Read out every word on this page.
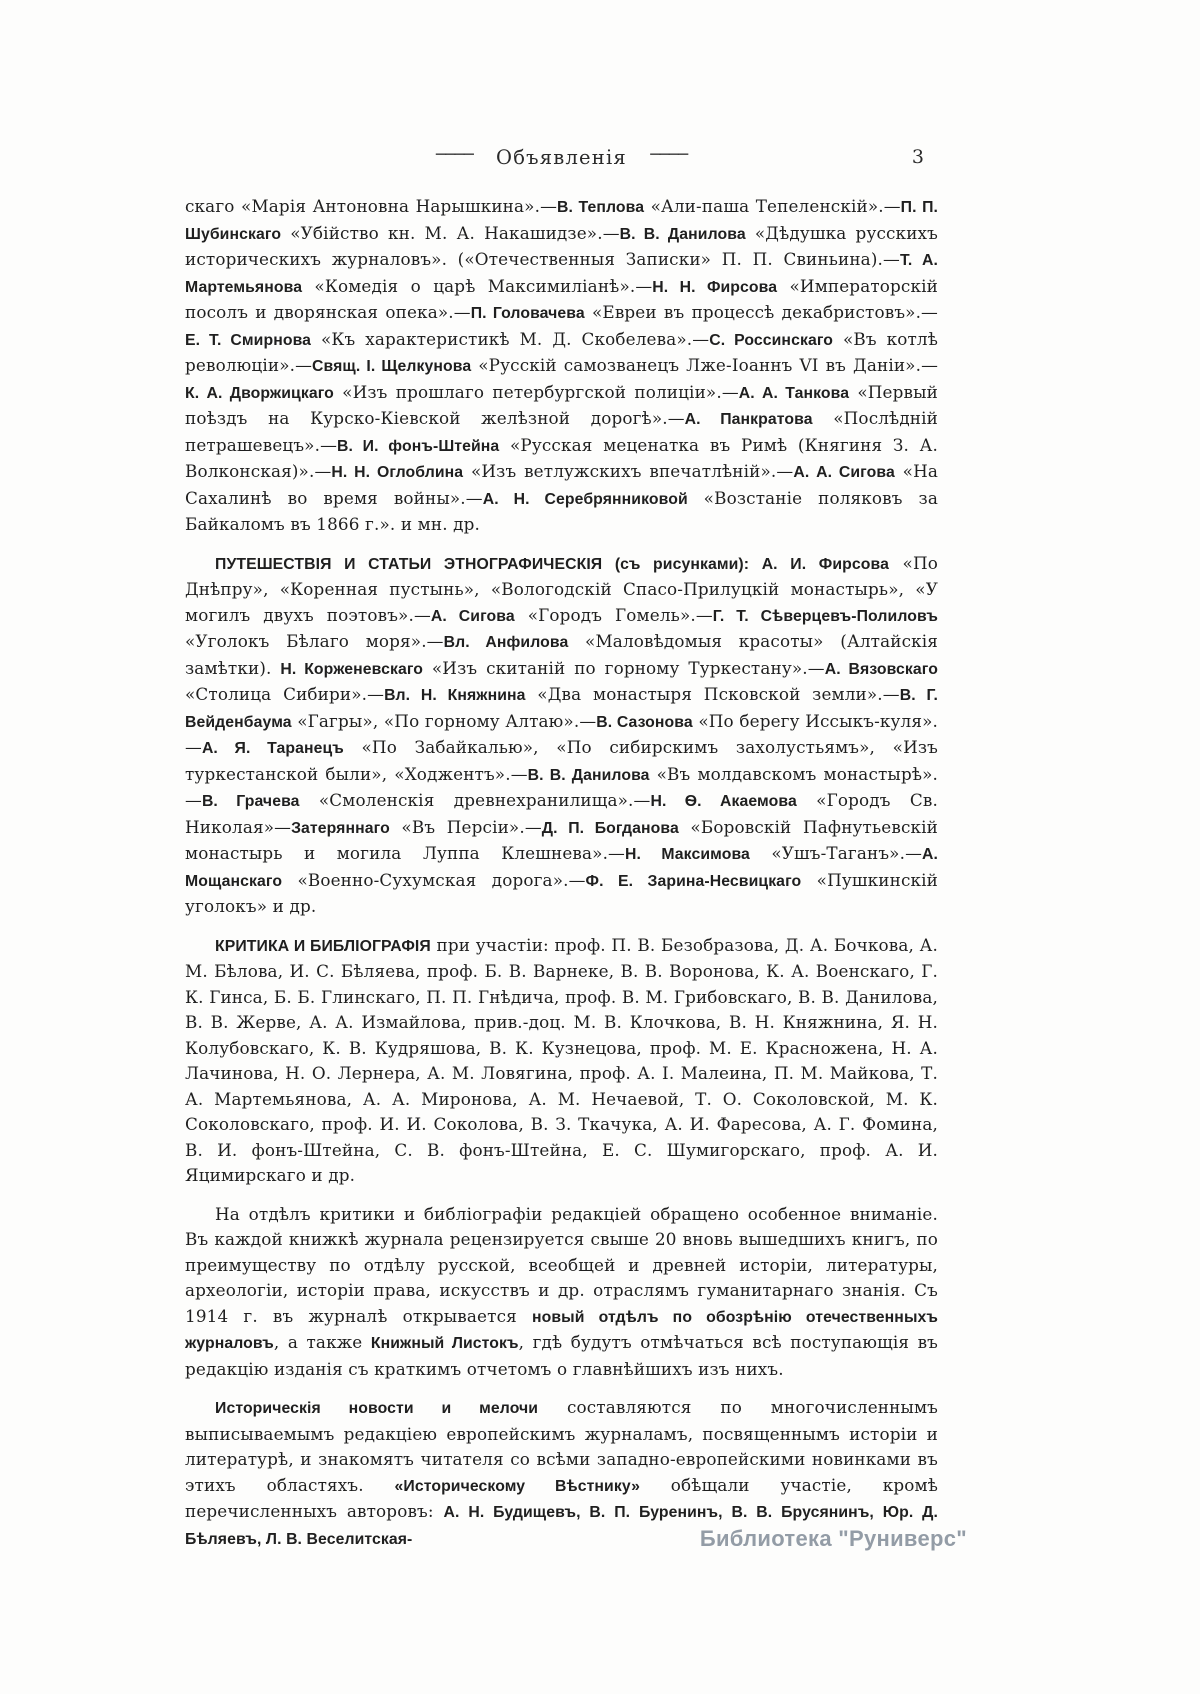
──── Объявленія ────	3

скаго «Марія Антоновна Нарышкина».—В. Теплова «Али-паша Тепеленскій».—П. П. Шубинскаго «Убійство кн. М. А. Накашидзе».—В. В. Данилова «Дѣдушка русскихъ историческихъ журналовъ». («Отечественныя Записки» П. П. Свиньина).—Т. А. Мартемьянова «Комедія о царѣ Максимиліанѣ».—Н. Н. Фирсова «Императорскій посолъ и дворянская опека».—П. Головачева «Евреи въ процессѣ декабристовъ».—Е. Т. Смирнова «Къ характеристикѣ М. Д. Скобелева».—С. Россинскаго «Въ котлѣ революціи».—Свящ. І. Щелкунова «Русскій самозванецъ Лже-Іоаннъ VI въ Даніи».—К. А. Дворжицкаго «Изъ прошлаго петербургской полиціи».—А. А. Танкова «Первый поѣздъ на Курско-Кіевской желѣзной дорогѣ».—А. Панкратова «Послѣдній петрашевецъ».—В. И. фонъ-Штейна «Русская меценатка въ Римѣ (Княгиня З. А. Волконская)».—Н. Н. Оглоблина «Изъ ветлужскихъ впечатлѣній».—А. А. Сигова «На Сахалинѣ во время войны».—А. Н. Серебрянниковой «Возстаніе поляковъ за Байкаломъ въ 1866 г.». и мн. др.

ПУТЕШЕСТВІЯ И СТАТЬИ ЭТНОГРАФИЧЕСКІЯ (съ рисунками): А. И. Фирсова «По Днѣпру», «Коренная пустынь», «Вологодскій Спасо-Прилуцкій монастырь», «У могилъ двухъ поэтовъ».—А. Сигова «Городъ Гомель».—Г. Т. Сѣверцевъ-Полиловъ «Уголокъ Бѣлаго моря».—Вл. Анфилова «Маловѣдомыя красоты» (Алтайскія замѣтки). Н. Корженевскаго «Изъ скитаній по горному Туркестану».—А. Вязовскаго «Столица Сибири».—Вл. Н. Княжнина «Два монастыря Псковской земли».—В. Г. Вейденбаума «Гагры», «По горному Алтаю».—В. Сазонова «По берегу Иссыкъ-куля».—А. Я. Таранецъ «По Забайкалью», «По сибирскимъ захолустьямъ», «Изъ туркестанской были», «Ходжентъ».—В. В. Данилова «Въ молдавскомъ монастырѣ».—В. Грачева «Смоленскія древнехранилища».—Н. Ѳ. Акаемова «Городъ Св. Николая»—Затеряннаго «Въ Персіи».—Д. П. Богданова «Боровскій Пафнутьевскій монастырь и могила Луппа Клешнева».—Н. Максимова «Ушъ-Таганъ».—А. Мощанскаго «Военно-Сухумская дорога».—Ф. Е. Зарина-Несвицкаго «Пушкинскій уголокъ» и др.

КРИТИКА И БИБЛІОГРАФІЯ при участіи: проф. П. В. Безобразова, Д. А. Бочкова, А. М. Бѣлова, И. С. Бѣляева, проф. Б. В. Варнеке, В. В. Воронова, К. А. Военскаго, Г. К. Гинса, Б. Б. Глинскаго, П. П. Гнѣдича, проф. В. М. Грибовскаго, В. В. Данилова, В. В. Жерве, А. А. Измайлова, прив.-доц. М. В. Клочкова, В. Н. Княжнина, Я. Н. Колубовскаго, К. В. Кудряшова, В. К. Кузнецова, проф. М. Е. Красножена, Н. А. Лачинова, Н. О. Лернера, А. М. Ловягина, проф. А. І. Малеина, П. М. Майкова, Т. А. Мартемьянова, А. А. Миронова, А. М. Нечаевой, Т. О. Соколовской, М. К. Соколовскаго, проф. И. И. Соколова, В. З. Ткачука, А. И. Фаресова, А. Г. Фомина, В. И. фонъ-Штейна, С. В. фонъ-Штейна, Е. С. Шумигорскаго, проф. А. И. Яцимирскаго и др.

На отдѣлъ критики и библіографіи редакціей обращено особенное вниманіе. Въ каждой книжкѣ журнала рецензируется свыше 20 вновь вышедшихъ книгъ, по преимуществу по отдѣлу русской, всеобщей и древней исторіи, литературы, археологіи, исторіи права, искусствъ и др. отраслямъ гуманитарнаго знанія. Съ 1914 г. въ журналѣ открывается новый отдѣлъ по обозрѣнію отечественныхъ журналовъ, а также Книжный Листокъ, гдѣ будутъ отмѣчаться всѣ поступающія въ редакцію изданія съ краткимъ отчетомъ о главнѣйшихъ изъ нихъ.

Историческія новости и мелочи составляются по многочисленнымъ выписываемымъ редакціею европейскимъ журналамъ, посвященнымъ исторіи и литературѣ, и знакомятъ читателя со всѣми западно-европейскими новинками въ этихъ областяхъ. «Историческому Вѣстнику» обѣщали участіе, кромѣ перечисленныхъ авторовъ: А. Н. Будищевъ, В. П. Буренинъ, В. В. Брусянинъ, Юр. Д. Бѣляевъ, Л. В. Веселитская-	Библиотека "Руниверс"
